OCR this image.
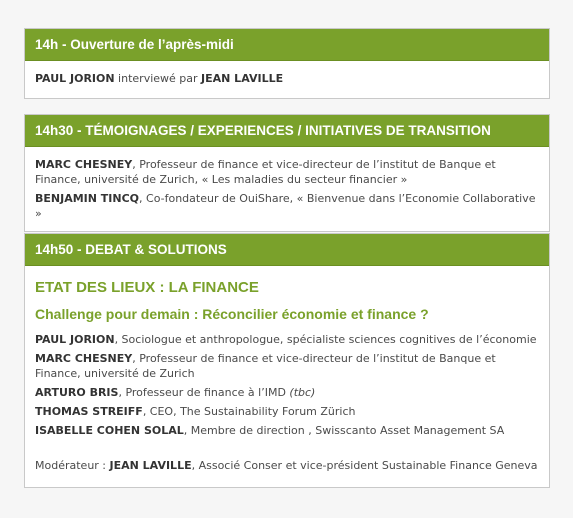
14h - Ouverture de l’après-midi
PAUL JORION interviewé par JEAN LAVILLE
14h30 - TÉMOIGNAGES / EXPERIENCES / INITIATIVES DE TRANSITION
MARC CHESNEY, Professeur de finance et vice-directeur de l’institut de Banque et Finance, université de Zurich, « Les maladies du secteur financier »
BENJAMIN TINCQ, Co-fondateur de OuiShare, « Bienvenue dans l’Economie Collaborative »
14h50 - DEBAT & SOLUTIONS
ETAT DES LIEUX : LA FINANCE
Challenge pour demain : Réconcilier économie et finance ?
PAUL JORION, Sociologue et anthropologue, spécialiste sciences cognitives de l’économie
MARC CHESNEY, Professeur de finance et vice-directeur de l’institut de Banque et Finance, université de Zurich
ARTURO BRIS, Professeur de finance à l’IMD (tbc)
THOMAS STREIFF, CEO, The Sustainability Forum Zürich
ISABELLE COHEN SOLAL, Membre de direction , Swisscanto Asset Management SA
Modérateur : JEAN LAVILLE, Associé Conser et vice-président Sustainable Finance Geneva
